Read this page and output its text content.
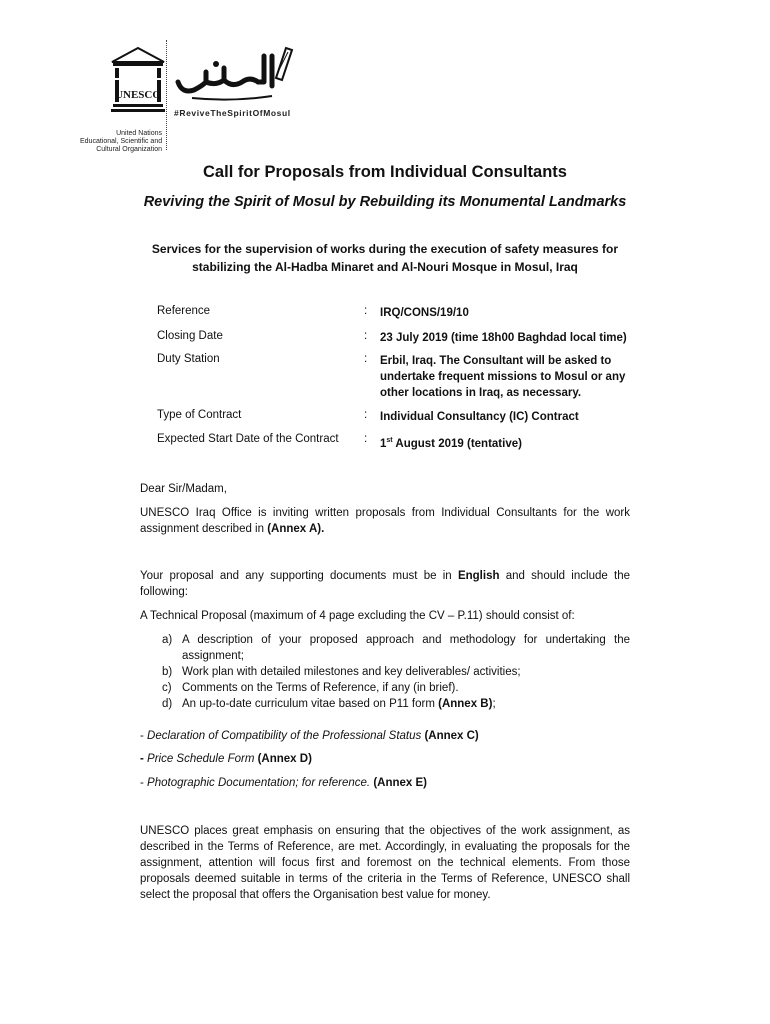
UNESCO
United Nations
Educational, Scientific and
Cultural Organization
#ReviveTheSpiritOfMosul
Call for Proposals from Individual Consultants
Reviving the Spirit of Mosul by Rebuilding its Monumental Landmarks
Services for the supervision of works during the execution of safety measures for stabilizing the Al-Hadba Minaret and Al-Nouri Mosque in Mosul, Iraq
Reference	: IRQ/CONS/19/10
Closing Date	: 23 July 2019 (time 18h00 Baghdad local time)
Duty Station	: Erbil, Iraq. The Consultant will be asked to undertake frequent missions to Mosul or any other locations in Iraq, as necessary.
Type of Contract	: Individual Consultancy (IC) Contract
Expected Start Date of the Contract : 1st August 2019 (tentative)
Dear Sir/Madam,
UNESCO Iraq Office is inviting written proposals from Individual Consultants for the work assignment described in (Annex A).
Your proposal and any supporting documents must be in English and should include the following:
A Technical Proposal (maximum of 4 page excluding the CV – P.11) should consist of:
a) A description of your proposed approach and methodology for undertaking the assignment;
b) Work plan with detailed milestones and key deliverables/ activities;
c) Comments on the Terms of Reference, if any (in brief).
d) An up-to-date curriculum vitae based on P11 form (Annex B);
- Declaration of Compatibility of the Professional Status (Annex C)
- Price Schedule Form (Annex D)
- Photographic Documentation; for reference. (Annex E)
UNESCO places great emphasis on ensuring that the objectives of the work assignment, as described in the Terms of Reference, are met. Accordingly, in evaluating the proposals for the assignment, attention will focus first and foremost on the technical elements. From those proposals deemed suitable in terms of the criteria in the Terms of Reference, UNESCO shall select the proposal that offers the Organisation best value for money.
